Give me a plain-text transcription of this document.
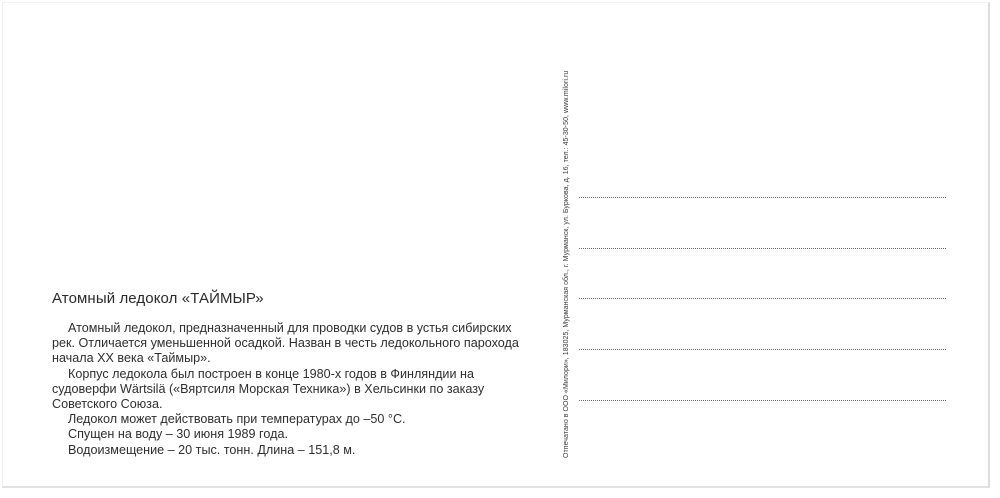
Атомный ледокол «ТАЙМЫР»

Атомный ледокол, предназначенный для проводки судов в устья сибирских рек. Отличается уменьшенной осадкой. Назван в честь ледокольного парохода начала XX века «Таймыр».

Корпус ледокола был построен в конце 1980-х годов в Финляндии на судоверфи Wärtsilä («Вяртсиля Морская Техника») в Хельсинки по заказу Советского Союза.

Ледокол может действовать при температурах до –50 °C.

Спущен на воду – 30 июня 1989 года.

Водоизмещение – 20 тыс. тонн. Длина – 151,8 м.	Отпечатано в ООО «Милори», 183025, Мурманская обл., г. Мурманск, ул. Буркова, д. 16, тел.: 45-30-50, www.milori.ru
